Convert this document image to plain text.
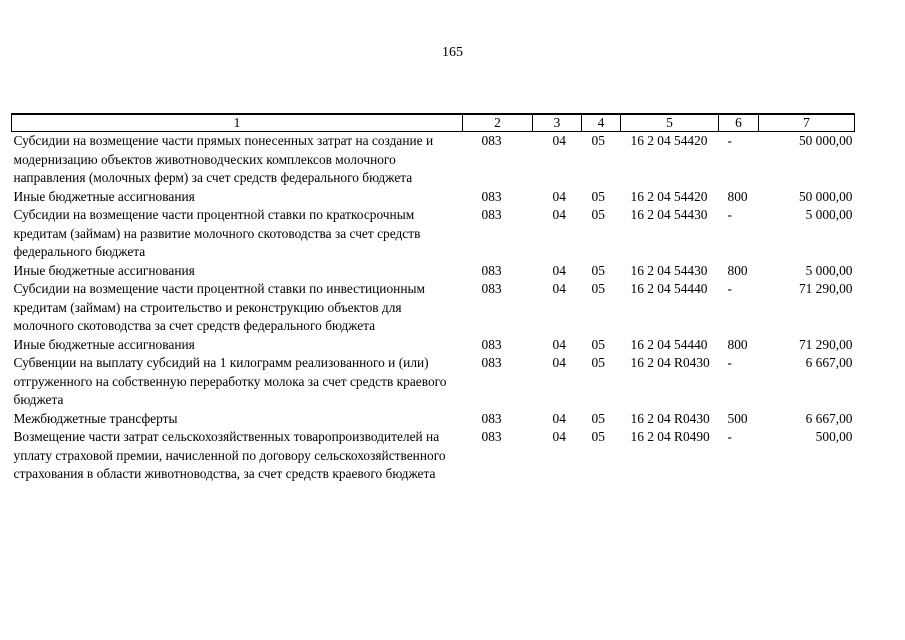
165
1	2	3	4	5	6	7
Субсидии на возмещение части прямых понесенных затрат на создание и модернизацию объектов животноводческих комплексов молочного направления (молочных ферм) за счет средств федерального бюджета	083	04	05	16 2 04 54420	-	50 000,00
Иные бюджетные ассигнования	083	04	05	16 2 04 54420	800	50 000,00
Субсидии на возмещение части процентной ставки по краткосрочным кредитам (займам) на развитие молочного скотоводства за счет средств федерального бюджета	083	04	05	16 2 04 54430	-	5 000,00
Иные бюджетные ассигнования	083	04	05	16 2 04 54430	800	5 000,00
Субсидии на возмещение части процентной ставки по инвестиционным кредитам (займам) на строительство и реконструкцию объектов для молочного скотоводства за счет средств федерального бюджета	083	04	05	16 2 04 54440	-	71 290,00
Иные бюджетные ассигнования	083	04	05	16 2 04 54440	800	71 290,00
Субвенции на выплату субсидий на 1 килограмм реализованного и (или) отгруженного на собственную переработку молока за счет средств краевого бюджета	083	04	05	16 2 04 R0430	-	6 667,00
Межбюджетные трансферты	083	04	05	16 2 04 R0430	500	6 667,00
Возмещение части затрат сельскохозяйственных товаропроизводителей на уплату страховой премии, начисленной по договору сельскохозяйственного страхования в области животноводства, за счет средств краевого бюджета	083	04	05	16 2 04 R0490	-	500,00
